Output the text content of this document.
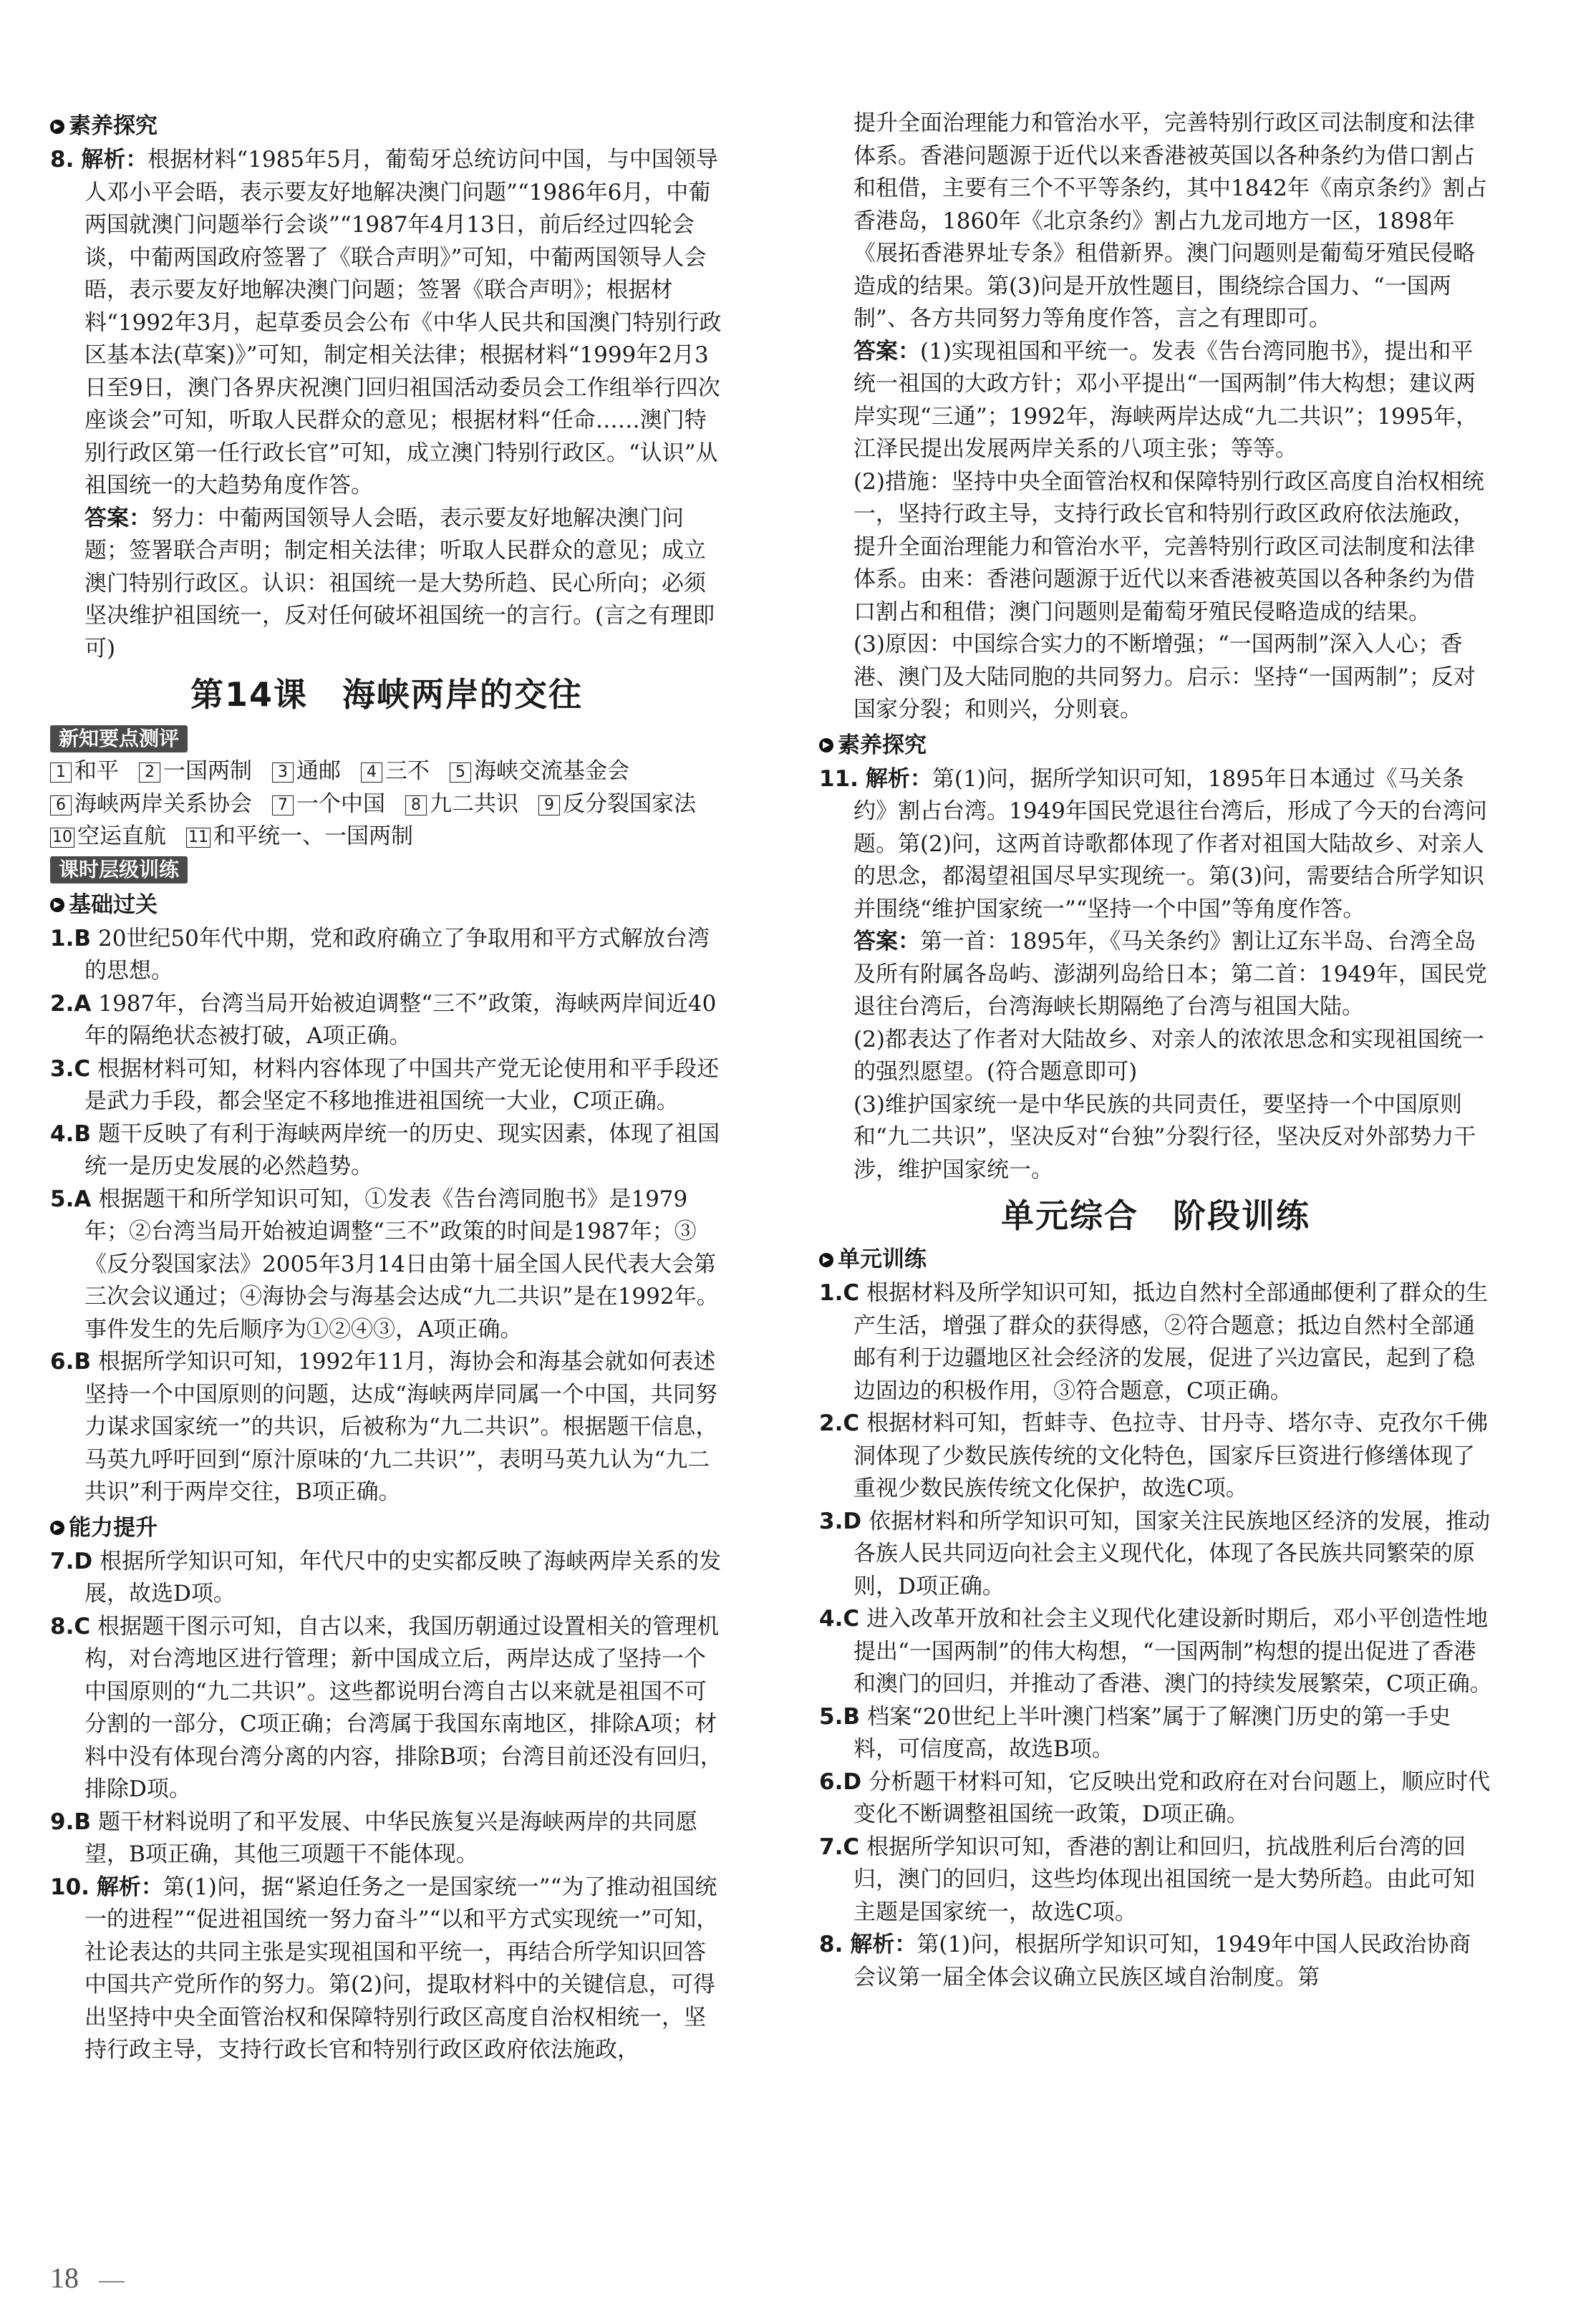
▶ 素养探究

8. 解析：根据材料“1985年5月，葡萄牙总统访问中国，与中国领导人邓小平会晤，表示要友好地解决澳门问题”“1986年6月，中葡两国就澳门问题举行会谈”“1987年4月13日，前后经过四轮会谈，中葡两国政府签署了《联合声明》”可知，中葡两国领导人会晤，表示要友好地解决澳门问题；签署《联合声明》；根据材料“1992年3月，起草委员会公布《中华人民共和国澳门特别行政区基本法(草案)》”可知，制定相关法律；根据材料“1999年2月3日至9日，澳门各界庆祝澳门回归祖国活动委员会工作组举行四次座谈会”可知，听取人民群众的意见；根据材料“任命……澳门特别行政区第一任行政长官”可知，成立澳门特别行政区。“认识”从祖国统一的大趋势角度作答。

答案：努力：中葡两国领导人会晤，表示要友好地解决澳门问题；签署联合声明；制定相关法律；听取人民群众的意见；成立澳门特别行政区。认识：祖国统一是大势所趋、民心所向；必须坚决维护祖国统一，反对任何破坏祖国统一的言行。(言之有理即可)

第14课　海峡两岸的交往
新知要点测评
1 和平	2 一国两制	3 通邮	4 三不	5 海峡交流基金会
6 海峡两岸关系协会	7 一个中国	8 九二共识	9 反分裂国家法
10 空运直航 11 和平统一、一国两制
课时层级训练
▶ 基础过关

1.B 20世纪50年代中期，党和政府确立了争取用和平方式解放台湾的思想。

2.A 1987年，台湾当局开始被迫调整“三不”政策，海峡两岸间近40年的隔绝状态被打破，A项正确。

3.C 根据材料可知，材料内容体现了中国共产党无论使用和平手段还是武力手段，都会坚定不移地推进祖国统一大业，C项正确。

4.B 题干反映了有利于海峡两岸统一的历史、现实因素，体现了祖国统一是历史发展的必然趋势。

5.A 根据题干和所学知识可知，①发表《告台湾同胞书》是1979年；②台湾当局开始被迫调整“三不”政策的时间是1987年；③《反分裂国家法》2005年3月14日由第十届全国人民代表大会第三次会议通过；④海协会与海基会达成“九二共识”是在1992年。事件发生的先后顺序为①②④③，A项正确。

6.B 根据所学知识可知，1992年11月，海协会和海基会就如何表述坚持一个中国原则的问题，达成“海峡两岸同属一个中国，共同努力谋求国家统一”的共识，后被称为“九二共识”。根据题干信息，马英九呼吁回到“原汁原味的‘九二共识’”，表明马英九认为“九二共识”利于两岸交往，B项正确。

▶ 能力提升

7.D 根据所学知识可知，年代尺中的史实都反映了海峡两岸关系的发展，故选D项。

8.C 根据题干图示可知，自古以来，我国历朝通过设置相关的管理机构，对台湾地区进行管理；新中国成立后，两岸达成了坚持一个中国原则的“九二共识”。这些都说明台湾自古以来就是祖国不可分割的一部分，C项正确；台湾属于我国东南地区，排除A项；材料中没有体现台湾分离的内容，排除B项；台湾目前还没有回归，排除D项。

9.B 题干材料说明了和平发展、中华民族复兴是海峡两岸的共同愿望，B项正确，其他三项题干不能体现。

10. 解析：第(1)问，据“紧迫任务之一是国家统一”“为了推动祖国统一的进程”“促进祖国统一努力奋斗”“以和平方式实现统一”可知，社论表达的共同主张是实现祖国和平统一，再结合所学知识回答中国共产党所作的努力。第(2)问，提取材料中的关键信息，可得出坚持中央全面管治权和保障特别行政区高度自治权相统一，坚持行政主导，支持行政长官和特别行政区政府依法施政，

提升全面治理能力和管治水平，完善特别行政区司法制度和法律体系。香港问题源于近代以来香港被英国以各种条约为借口割占和租借，主要有三个不平等条约，其中1842年《南京条约》割占香港岛，1860年《北京条约》割占九龙司地方一区，1898年《展拓香港界址专条》租借新界。澳门问题则是葡萄牙殖民侵略造成的结果。第(3)问是开放性题目，围绕综合国力、“一国两制”、各方共同努力等角度作答，言之有理即可。

答案：(1)实现祖国和平统一。发表《告台湾同胞书》，提出和平统一祖国的大政方针；邓小平提出“一国两制”伟大构想；建议两岸实现“三通”；1992年，海峡两岸达成“九二共识”；1995年，江泽民提出发展两岸关系的八项主张；等等。

(2)措施：坚持中央全面管治权和保障特别行政区高度自治权相统一，坚持行政主导，支持行政长官和特别行政区政府依法施政，提升全面治理能力和管治水平，完善特别行政区司法制度和法律体系。由来：香港问题源于近代以来香港被英国以各种条约为借口割占和租借；澳门问题则是葡萄牙殖民侵略造成的结果。

(3)原因：中国综合实力的不断增强；“一国两制”深入人心；香港、澳门及大陆同胞的共同努力。启示：坚持“一国两制”；反对国家分裂；和则兴，分则衰。

▶ 素养探究

11. 解析：第(1)问，据所学知识可知，1895年日本通过《马关条约》割占台湾。1949年国民党退往台湾后，形成了今天的台湾问题。第(2)问，这两首诗歌都体现了作者对祖国大陆故乡、对亲人的思念，都渴望祖国尽早实现统一。第(3)问，需要结合所学知识并围绕“维护国家统一”“坚持一个中国”等角度作答。

答案：第一首：1895年，《马关条约》割让辽东半岛、台湾全岛及所有附属各岛屿、澎湖列岛给日本；第二首：1949年，国民党退往台湾后，台湾海峡长期隔绝了台湾与祖国大陆。

(2)都表达了作者对大陆故乡、对亲人的浓浓思念和实现祖国统一的强烈愿望。(符合题意即可)

(3)维护国家统一是中华民族的共同责任，要坚持一个中国原则和“九二共识”，坚决反对“台独”分裂行径，坚决反对外部势力干涉，维护国家统一。

单元综合　阶段训练
▶ 单元训练

1.C 根据材料及所学知识可知，抵边自然村全部通邮便利了群众的生产生活，增强了群众的获得感，②符合题意；抵边自然村全部通邮有利于边疆地区社会经济的发展，促进了兴边富民，起到了稳边固边的积极作用，③符合题意，C项正确。

2.C 根据材料可知，哲蚌寺、色拉寺、甘丹寺、塔尔寺、克孜尔千佛洞体现了少数民族传统的文化特色，国家斥巨资进行修缮体现了重视少数民族传统文化保护，故选C项。

3.D 依据材料和所学知识可知，国家关注民族地区经济的发展，推动各族人民共同迈向社会主义现代化，体现了各民族共同繁荣的原则，D项正确。

4.C 进入改革开放和社会主义现代化建设新时期后，邓小平创造性地提出“一国两制”的伟大构想，“一国两制”构想的提出促进了香港和澳门的回归，并推动了香港、澳门的持续发展繁荣，C项正确。

5.B 档案“20世纪上半叶澳门档案”属于了解澳门历史的第一手史料，可信度高，故选B项。

6.D 分析题干材料可知，它反映出党和政府在对台问题上，顺应时代变化不断调整祖国统一政策，D项正确。

7.C 根据所学知识可知，香港的割让和回归，抗战胜利后台湾的回归，澳门的回归，这些均体现出祖国统一是大势所趋。由此可知主题是国家统一，故选C项。

8. 解析：第(1)问，根据所学知识可知，1949年中国人民政治协商会议第一届全体会议确立民族区域自治制度。第

18
